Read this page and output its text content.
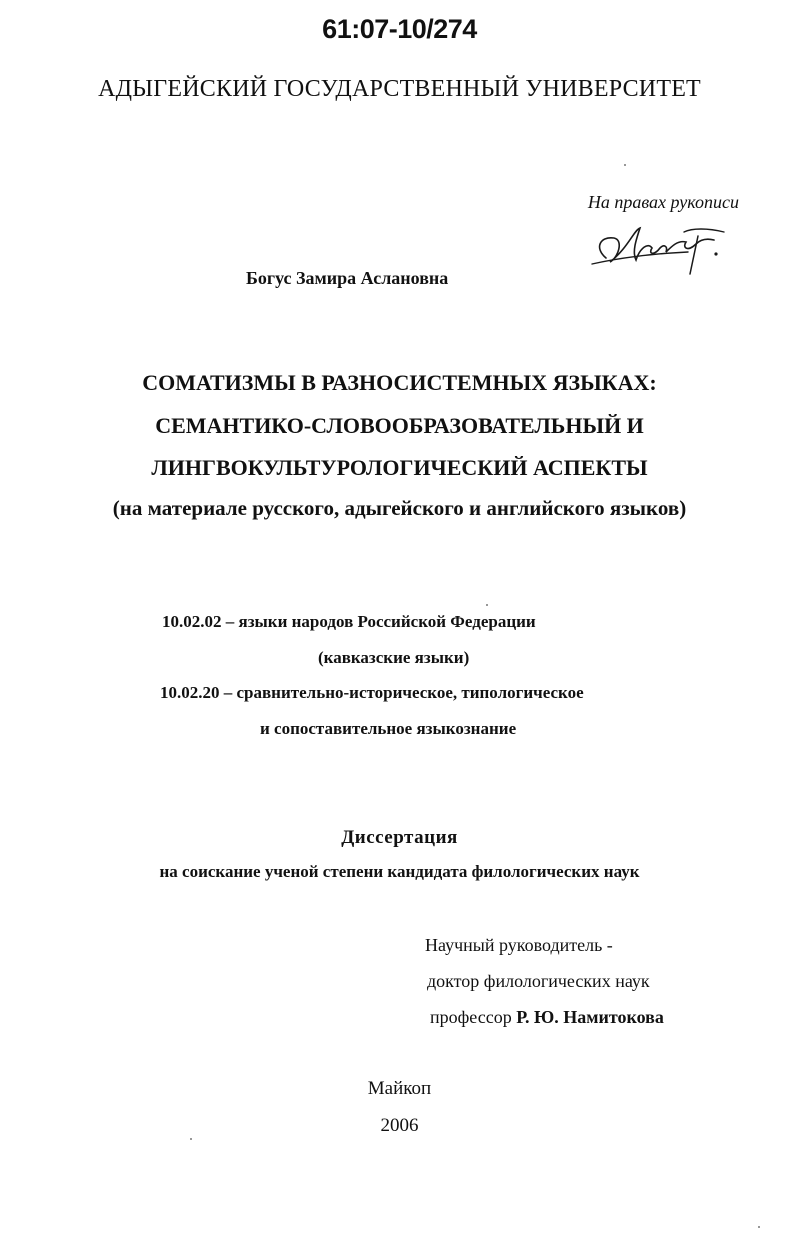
61:07-10/274
АДЫГЕЙСКИЙ ГОСУДАРСТВЕННЫЙ УНИВЕРСИТЕТ
На правах рукописи
Богус Замира Аслановна
СОМАТИЗМЫ В РАЗНОСИСТЕМНЫХ ЯЗЫКАХ:
СЕМАНТИКО-СЛОВООБРАЗОВАТЕЛЬНЫЙ И
ЛИНГВОКУЛЬТУРОЛОГИЧЕСКИЙ АСПЕКТЫ
(на материале русского, адыгейского и английского языков)
10.02.02 – языки народов Российской Федерации
(кавказские языки)
10.02.20 – сравнительно-историческое, типологическое
и сопоставительное языкознание
Диссертация
на соискание ученой степени кандидата филологических наук
Научный руководитель -
доктор филологических наук
профессор Р. Ю. Намитокова
Майкоп
2006
